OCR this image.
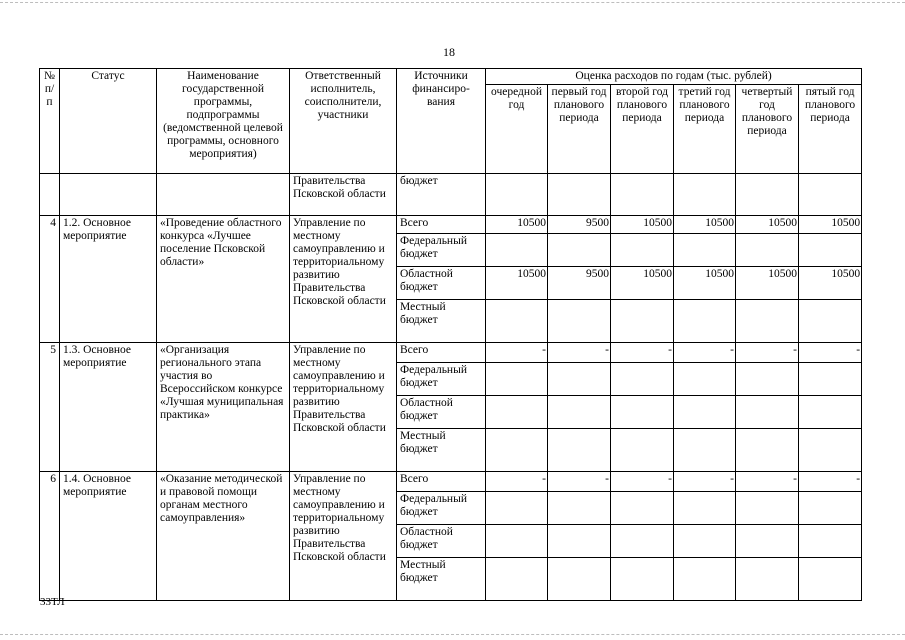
18
№ п/п	Статус	Наименование государственной программы, подпрограммы (ведомственной целевой программы, основного мероприятия)	Ответственный исполнитель, соисполнители, участники	Источники финансиро-вания	Оценка расходов по годам (тыс. рублей)					
					очередной год	первый год планового периода	второй год планового периода	третий год планового периода	четвертый год планового периода	пятый год планового периода
			Правительства Псковской области	бюджет						
4	1.2. Основное мероприятие	«Проведение областного конкурса «Лучшее поселение Псковской области»	Управление по местному самоуправлению и территориальному развитию Правительства Псковской области	Всего	10500	9500	10500	10500	10500	10500
				Федеральный бюджет						
				Областной бюджет	10500	9500	10500	10500	10500	10500
				Местный бюджет						
5	1.3. Основное мероприятие	«Организация регионального этапа участия во Всероссийском конкурсе «Лучшая муниципальная практика»	Управление по местному самоуправлению и территориальному развитию Правительства Псковской области	Всего	-	-	-	-	-	-
				Федеральный бюджет						
				Областной бюджет						
				Местный бюджет						
6	1.4. Основное мероприятие	«Оказание методической и правовой помощи органам местного самоуправления»	Управление по местному самоуправлению и территориальному развитию Правительства Псковской области	Всего	-	-	-	-	-	-
				Федеральный бюджет						
				Областной бюджет						
				Местный бюджет						
33ТЛ
